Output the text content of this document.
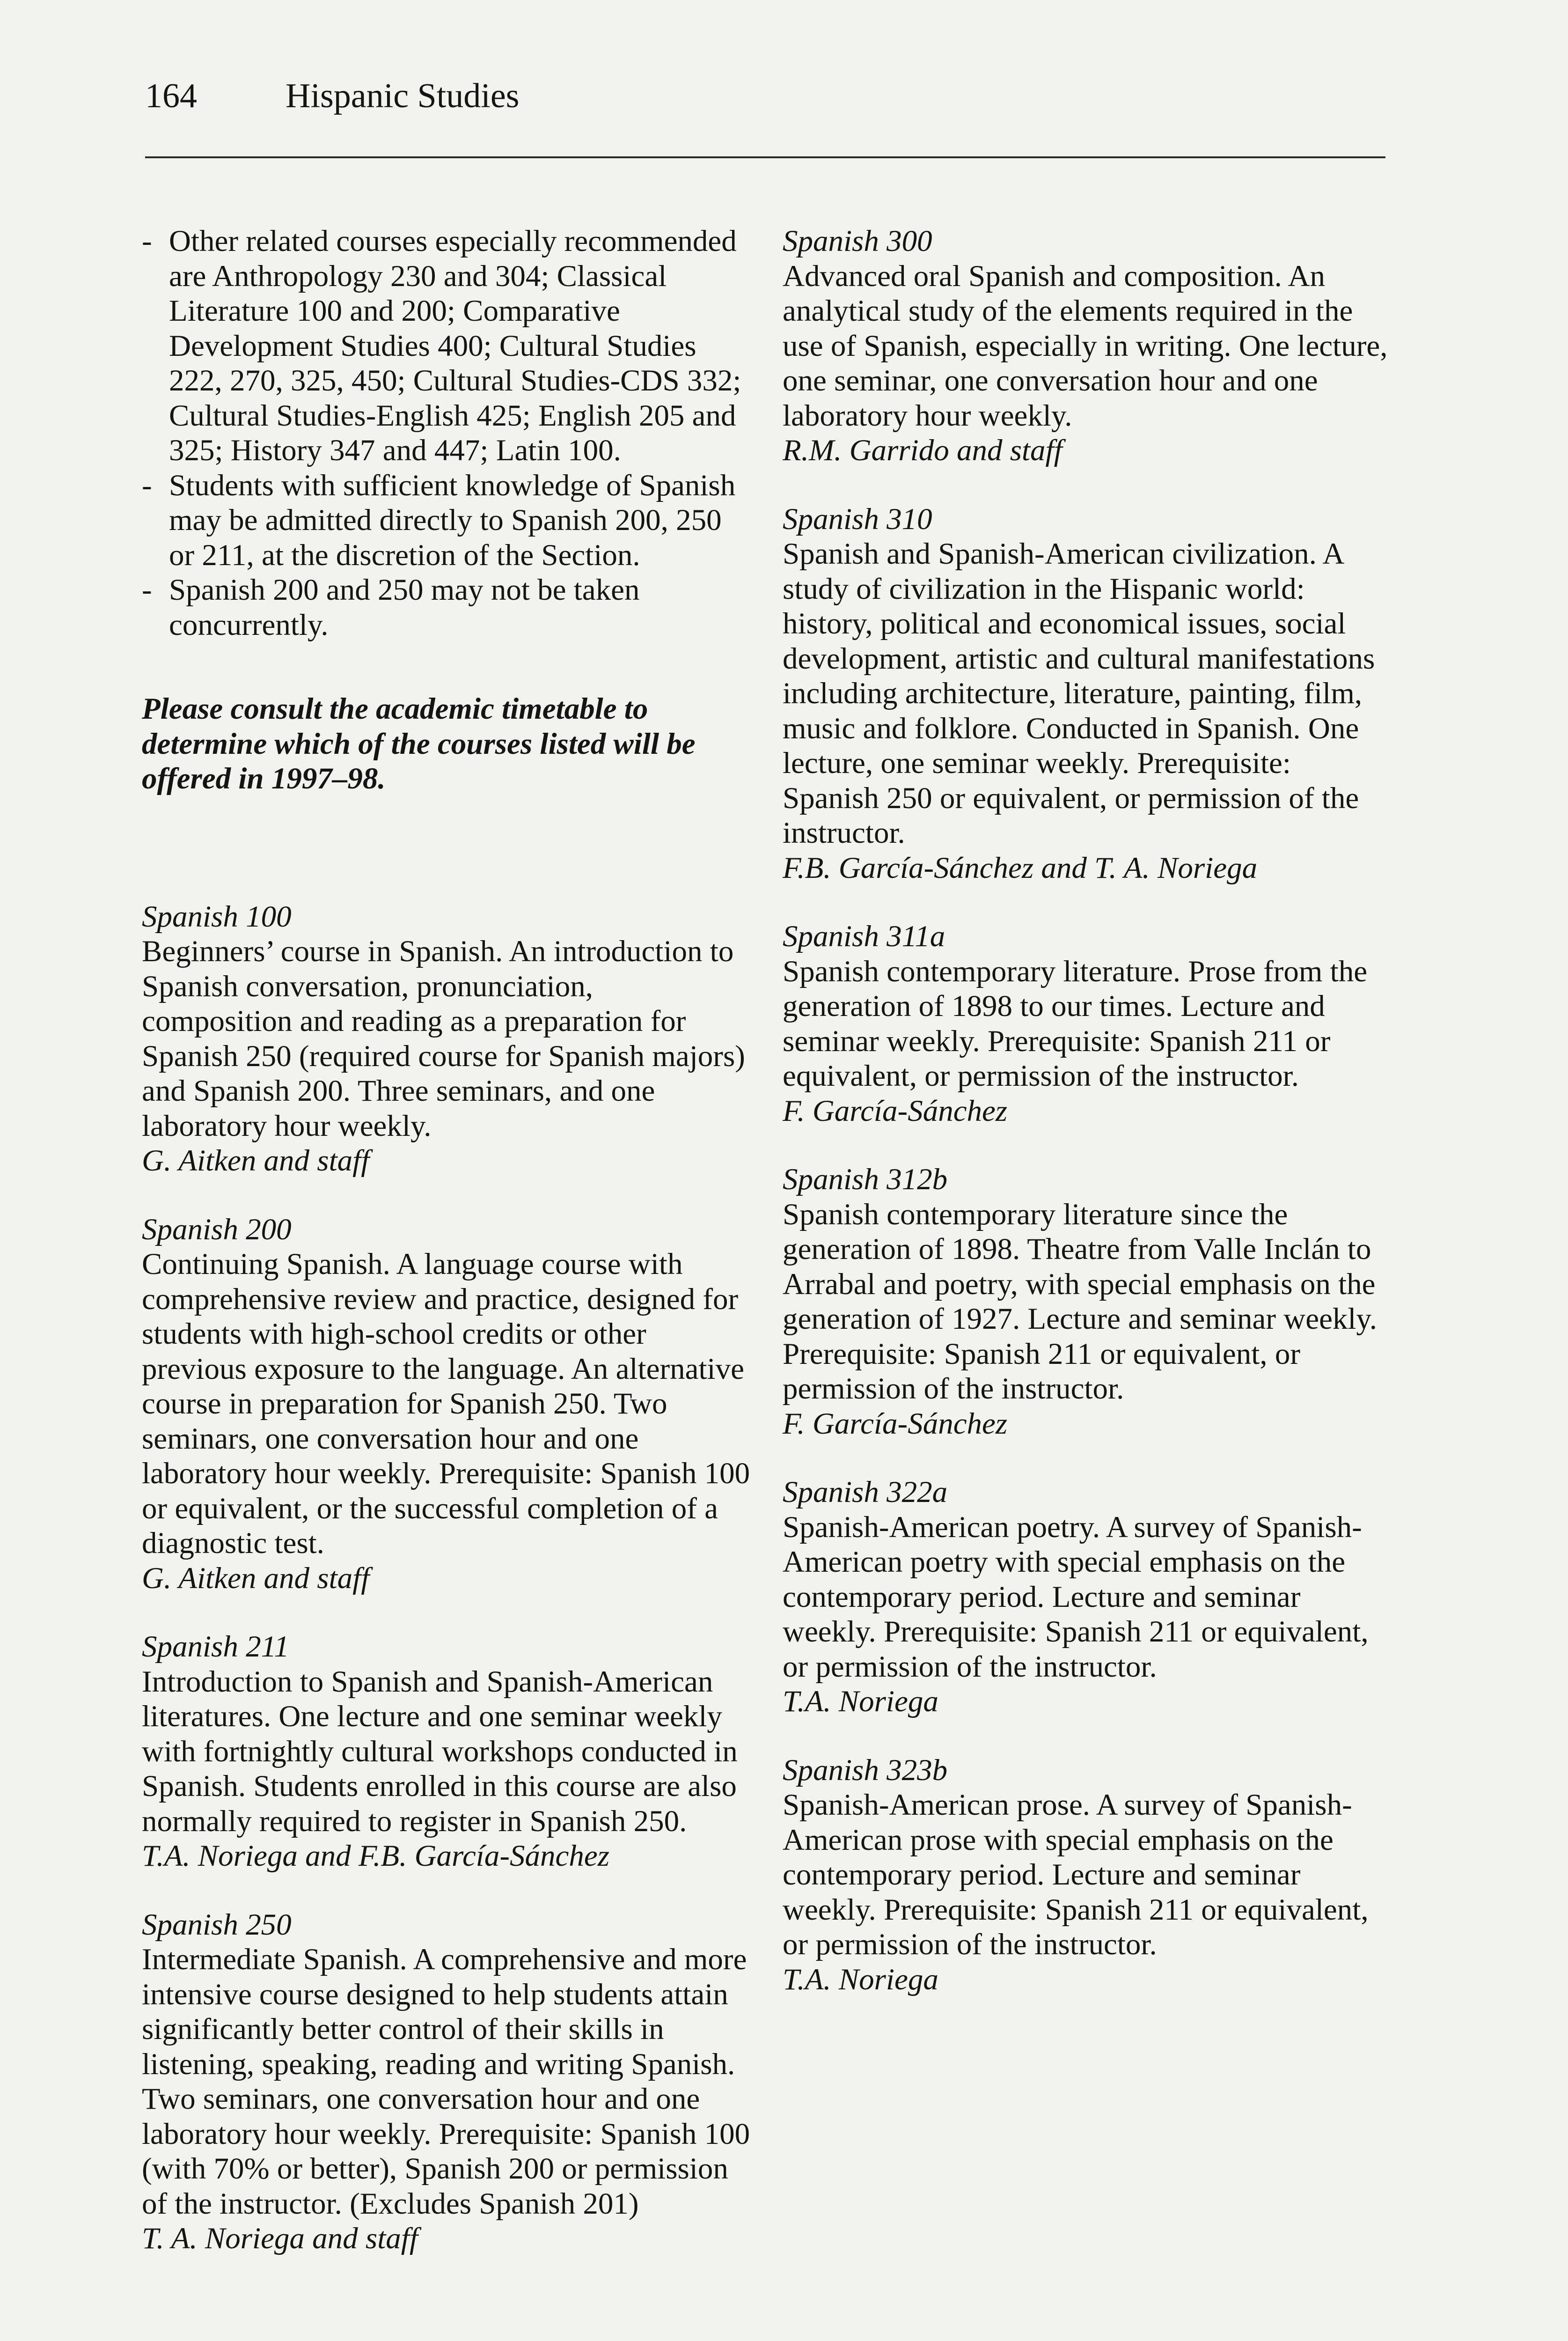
164	Hispanic Studies

- Other related courses especially recommended are Anthropology 230 and 304; Classical Literature 100 and 200; Comparative Development Studies 400; Cultural Studies 222, 270, 325, 450; Cultural Studies-CDS 332; Cultural Studies-English 425; English 205 and 325; History 347 and 447; Latin 100.

- Students with sufficient knowledge of Spanish may be admitted directly to Spanish 200, 250 or 211, at the discretion of the Section.

- Spanish 200 and 250 may not be taken concurrently.

Please consult the academic timetable to determine which of the courses listed will be offered in 1997–98.

Spanish 100
Beginners’ course in Spanish. An introduction to Spanish conversation, pronunciation, composition and reading as a preparation for Spanish 250 (required course for Spanish majors) and Spanish 200. Three seminars, and one laboratory hour weekly.
G. Aitken and staff
Spanish 200
Continuing Spanish. A language course with comprehensive review and practice, designed for students with high-school credits or other previous exposure to the language. An alternative course in preparation for Spanish 250. Two seminars, one conversation hour and one laboratory hour weekly. Prerequisite: Spanish 100 or equivalent, or the successful completion of a diagnostic test.
G. Aitken and staff
Spanish 211
Introduction to Spanish and Spanish-American literatures. One lecture and one seminar weekly with fortnightly cultural workshops conducted in Spanish. Students enrolled in this course are also normally required to register in Spanish 250.
T.A. Noriega and F.B. García-Sánchez
Spanish 250
Intermediate Spanish. A comprehensive and more intensive course designed to help students attain significantly better control of their skills in listening, speaking, reading and writing Spanish. Two seminars, one conversation hour and one laboratory hour weekly. Prerequisite: Spanish 100 (with 70% or better), Spanish 200 or permission of the instructor. (Excludes Spanish 201)
T. A. Noriega and staff
Spanish 300
Advanced oral Spanish and composition. An analytical study of the elements required in the use of Spanish, especially in writing. One lecture, one seminar, one conversation hour and one laboratory hour weekly.
R.M. Garrido and staff
Spanish 310
Spanish and Spanish-American civilization. A study of civilization in the Hispanic world: history, political and economical issues, social development, artistic and cultural manifestations including architecture, literature, painting, film, music and folklore. Conducted in Spanish. One lecture, one seminar weekly. Prerequisite: Spanish 250 or equivalent, or permission of the instructor.
F.B. García-Sánchez and T. A. Noriega
Spanish 311a
Spanish contemporary literature. Prose from the generation of 1898 to our times. Lecture and seminar weekly. Prerequisite: Spanish 211 or equivalent, or permission of the instructor.
F. García-Sánchez
Spanish 312b
Spanish contemporary literature since the generation of 1898. Theatre from Valle Inclán to Arrabal and poetry, with special emphasis on the generation of 1927. Lecture and seminar weekly. Prerequisite: Spanish 211 or equivalent, or permission of the instructor.
F. García-Sánchez
Spanish 322a
Spanish-American poetry. A survey of Spanish-American poetry with special emphasis on the contemporary period. Lecture and seminar weekly. Prerequisite: Spanish 211 or equivalent, or permission of the instructor.
T.A. Noriega
Spanish 323b
Spanish-American prose. A survey of Spanish-American prose with special emphasis on the contemporary period. Lecture and seminar weekly. Prerequisite: Spanish 211 or equivalent, or permission of the instructor.
T.A. Noriega
